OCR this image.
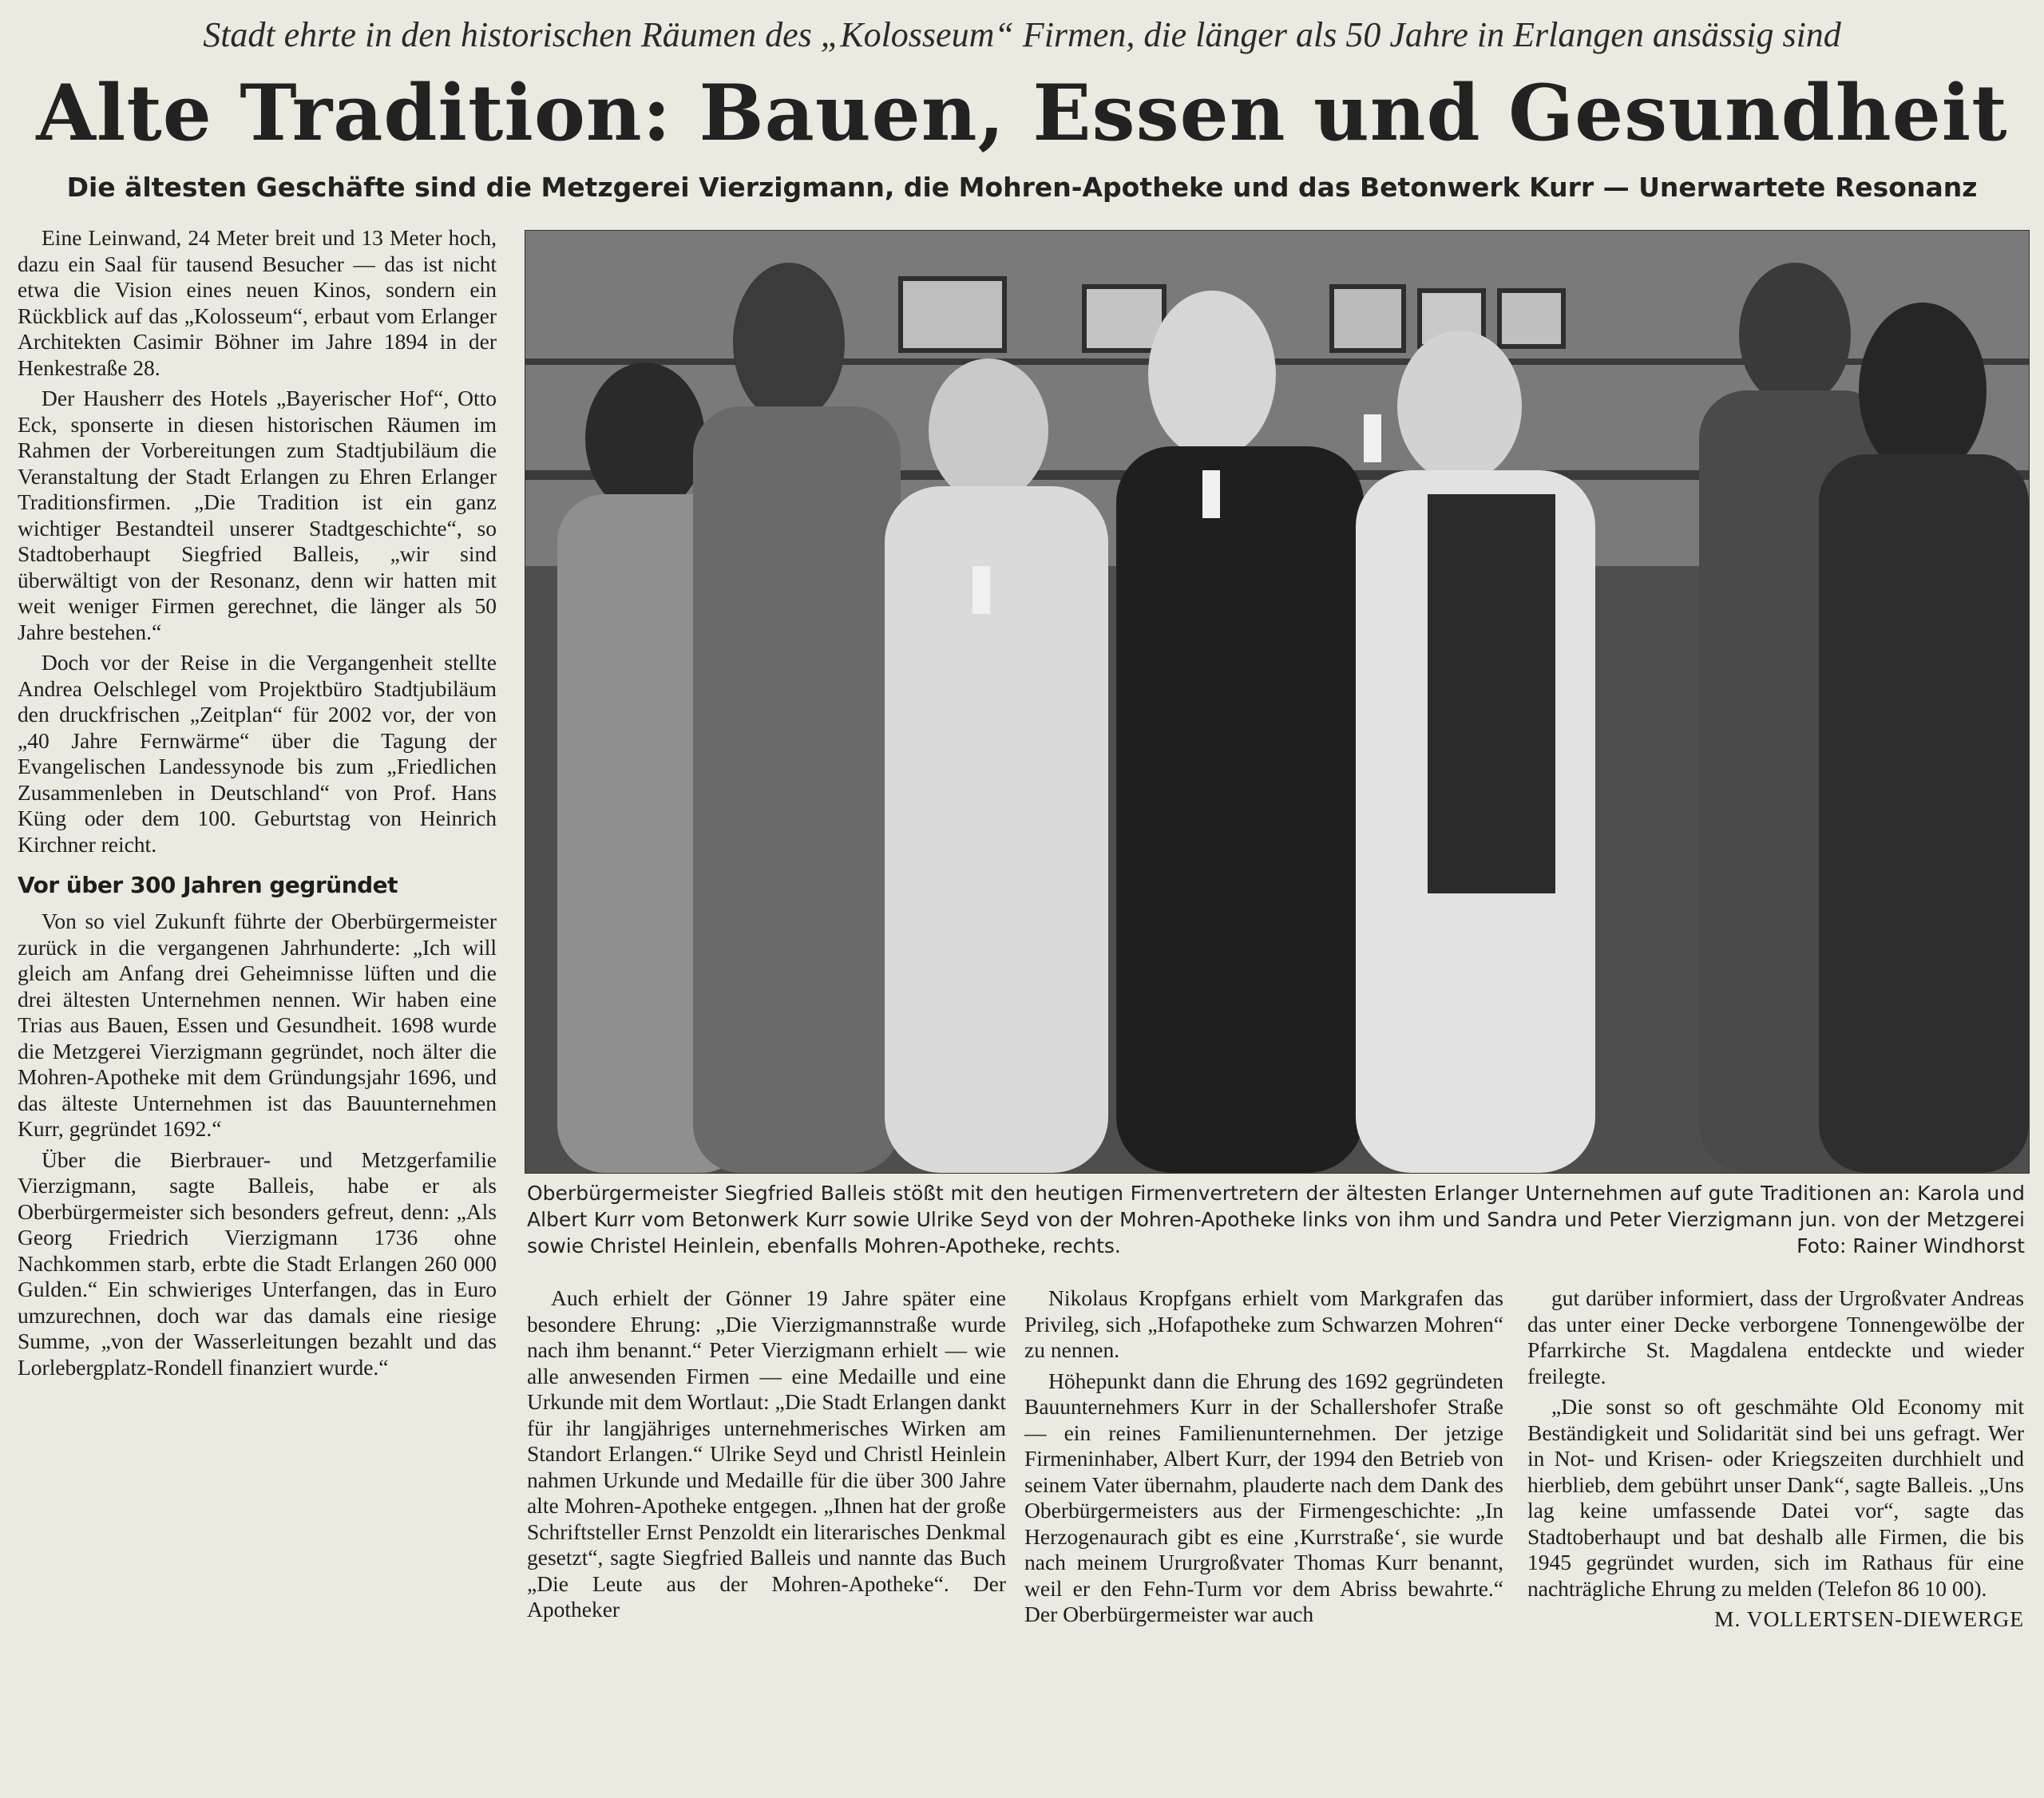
Stadt ehrte in den historischen Räumen des „Kolosseum“ Firmen, die länger als 50 Jahre in Erlangen ansässig sind
Alte Tradition: Bauen, Essen und Gesundheit
Die ältesten Geschäfte sind die Metzgerei Vierzigmann, die Mohren-Apotheke und das Betonwerk Kurr — Unerwartete Resonanz

Eine Leinwand, 24 Meter breit und 13 Meter hoch, dazu ein Saal für tausend Besucher — das ist nicht etwa die Vision eines neuen Kinos, sondern ein Rückblick auf das „Kolosseum“, erbaut vom Erlanger Architekten Casimir Böhner im Jahre 1894 in der Henkestraße 28.

Der Hausherr des Hotels „Bayerischer Hof“, Otto Eck, sponserte in diesen historischen Räumen im Rahmen der Vorbereitungen zum Stadtjubiläum die Veranstaltung der Stadt Erlangen zu Ehren Erlanger Traditionsfirmen. „Die Tradition ist ein ganz wichtiger Bestandteil unserer Stadtgeschichte“, so Stadtoberhaupt Siegfried Balleis, „wir sind überwältigt von der Resonanz, denn wir hatten mit weit weniger Firmen gerechnet, die länger als 50 Jahre bestehen.“

Doch vor der Reise in die Vergangenheit stellte Andrea Oelschlegel vom Projektbüro Stadtjubiläum den druckfrischen „Zeitplan“ für 2002 vor, der von „40 Jahre Fernwärme“ über die Tagung der Evangelischen Landessynode bis zum „Friedlichen Zusammenleben in Deutschland“ von Prof. Hans Küng oder dem 100. Geburtstag von Heinrich Kirchner reicht.

Vor über 300 Jahren gegründet

Von so viel Zukunft führte der Oberbürgermeister zurück in die vergangenen Jahrhunderte: „Ich will gleich am Anfang drei Geheimnisse lüften und die drei ältesten Unternehmen nennen. Wir haben eine Trias aus Bauen, Essen und Gesundheit. 1698 wurde die Metzgerei Vierzigmann gegründet, noch älter die Mohren-Apotheke mit dem Gründungsjahr 1696, und das älteste Unternehmen ist das Bauunternehmen Kurr, gegründet 1692.“

Über die Bierbrauer- und Metzgerfamilie Vierzigmann, sagte Balleis, habe er als Oberbürgermeister sich besonders gefreut, denn: „Als Georg Friedrich Vierzigmann 1736 ohne Nachkommen starb, erbte die Stadt Erlangen 260 000 Gulden.“ Ein schwieriges Unterfangen, das in Euro umzurechnen, doch war das damals eine riesige Summe, „von der Wasserleitungen bezahlt und das Lorlebergplatz-Rondell finanziert wurde.“

Oberbürgermeister Siegfried Balleis stößt mit den heutigen Firmenvertretern der ältesten Erlanger Unternehmen auf gute Traditionen an: Karola und Albert Kurr vom Betonwerk Kurr sowie Ulrike Seyd von der Mohren-Apotheke links von ihm und Sandra und Peter Vierzigmann jun. von der Metzgerei sowie Christel Heinlein, ebenfalls Mohren-Apotheke, rechts.	Foto: Rainer Windhorst

Auch erhielt der Gönner 19 Jahre später eine besondere Ehrung: „Die Vierzigmannstraße wurde nach ihm benannt.“ Peter Vierzigmann erhielt — wie alle anwesenden Firmen — eine Medaille und eine Urkunde mit dem Wortlaut: „Die Stadt Erlangen dankt für ihr langjähriges unternehmerisches Wirken am Standort Erlangen.“ Ulrike Seyd und Christl Heinlein nahmen Urkunde und Medaille für die über 300 Jahre alte Mohren-Apotheke entgegen. „Ihnen hat der große Schriftsteller Ernst Penzoldt ein literarisches Denkmal gesetzt“, sagte Siegfried Balleis und nannte das Buch „Die Leute aus der Mohren-Apotheke“. Der Apotheker

Nikolaus Kropfgans erhielt vom Markgrafen das Privileg, sich „Hofapotheke zum Schwarzen Mohren“ zu nennen.

Höhepunkt dann die Ehrung des 1692 gegründeten Bauunternehmers Kurr in der Schallershofer Straße — ein reines Familienunternehmen. Der jetzige Firmeninhaber, Albert Kurr, der 1994 den Betrieb von seinem Vater übernahm, plauderte nach dem Dank des Oberbürgermeisters aus der Firmengeschichte: „In Herzogenaurach gibt es eine ‚Kurrstraße‘, sie wurde nach meinem Ururgroßvater Thomas Kurr benannt, weil er den Fehn-Turm vor dem Abriss bewahrte.“ Der Oberbürgermeister war auch

gut darüber informiert, dass der Urgroßvater Andreas das unter einer Decke verborgene Tonnengewölbe der Pfarrkirche St. Magdalena entdeckte und wieder freilegte.

„Die sonst so oft geschmähte Old Economy mit Beständigkeit und Solidarität sind bei uns gefragt. Wer in Not- und Krisen- oder Kriegszeiten durchhielt und hierblieb, dem gebührt unser Dank“, sagte Balleis. „Uns lag keine umfassende Datei vor“, sagte das Stadtoberhaupt und bat deshalb alle Firmen, die bis 1945 gegründet wurden, sich im Rathaus für eine nachträgliche Ehrung zu melden (Telefon 86 10 00).

M. VOLLERTSEN-DIEWERGE
